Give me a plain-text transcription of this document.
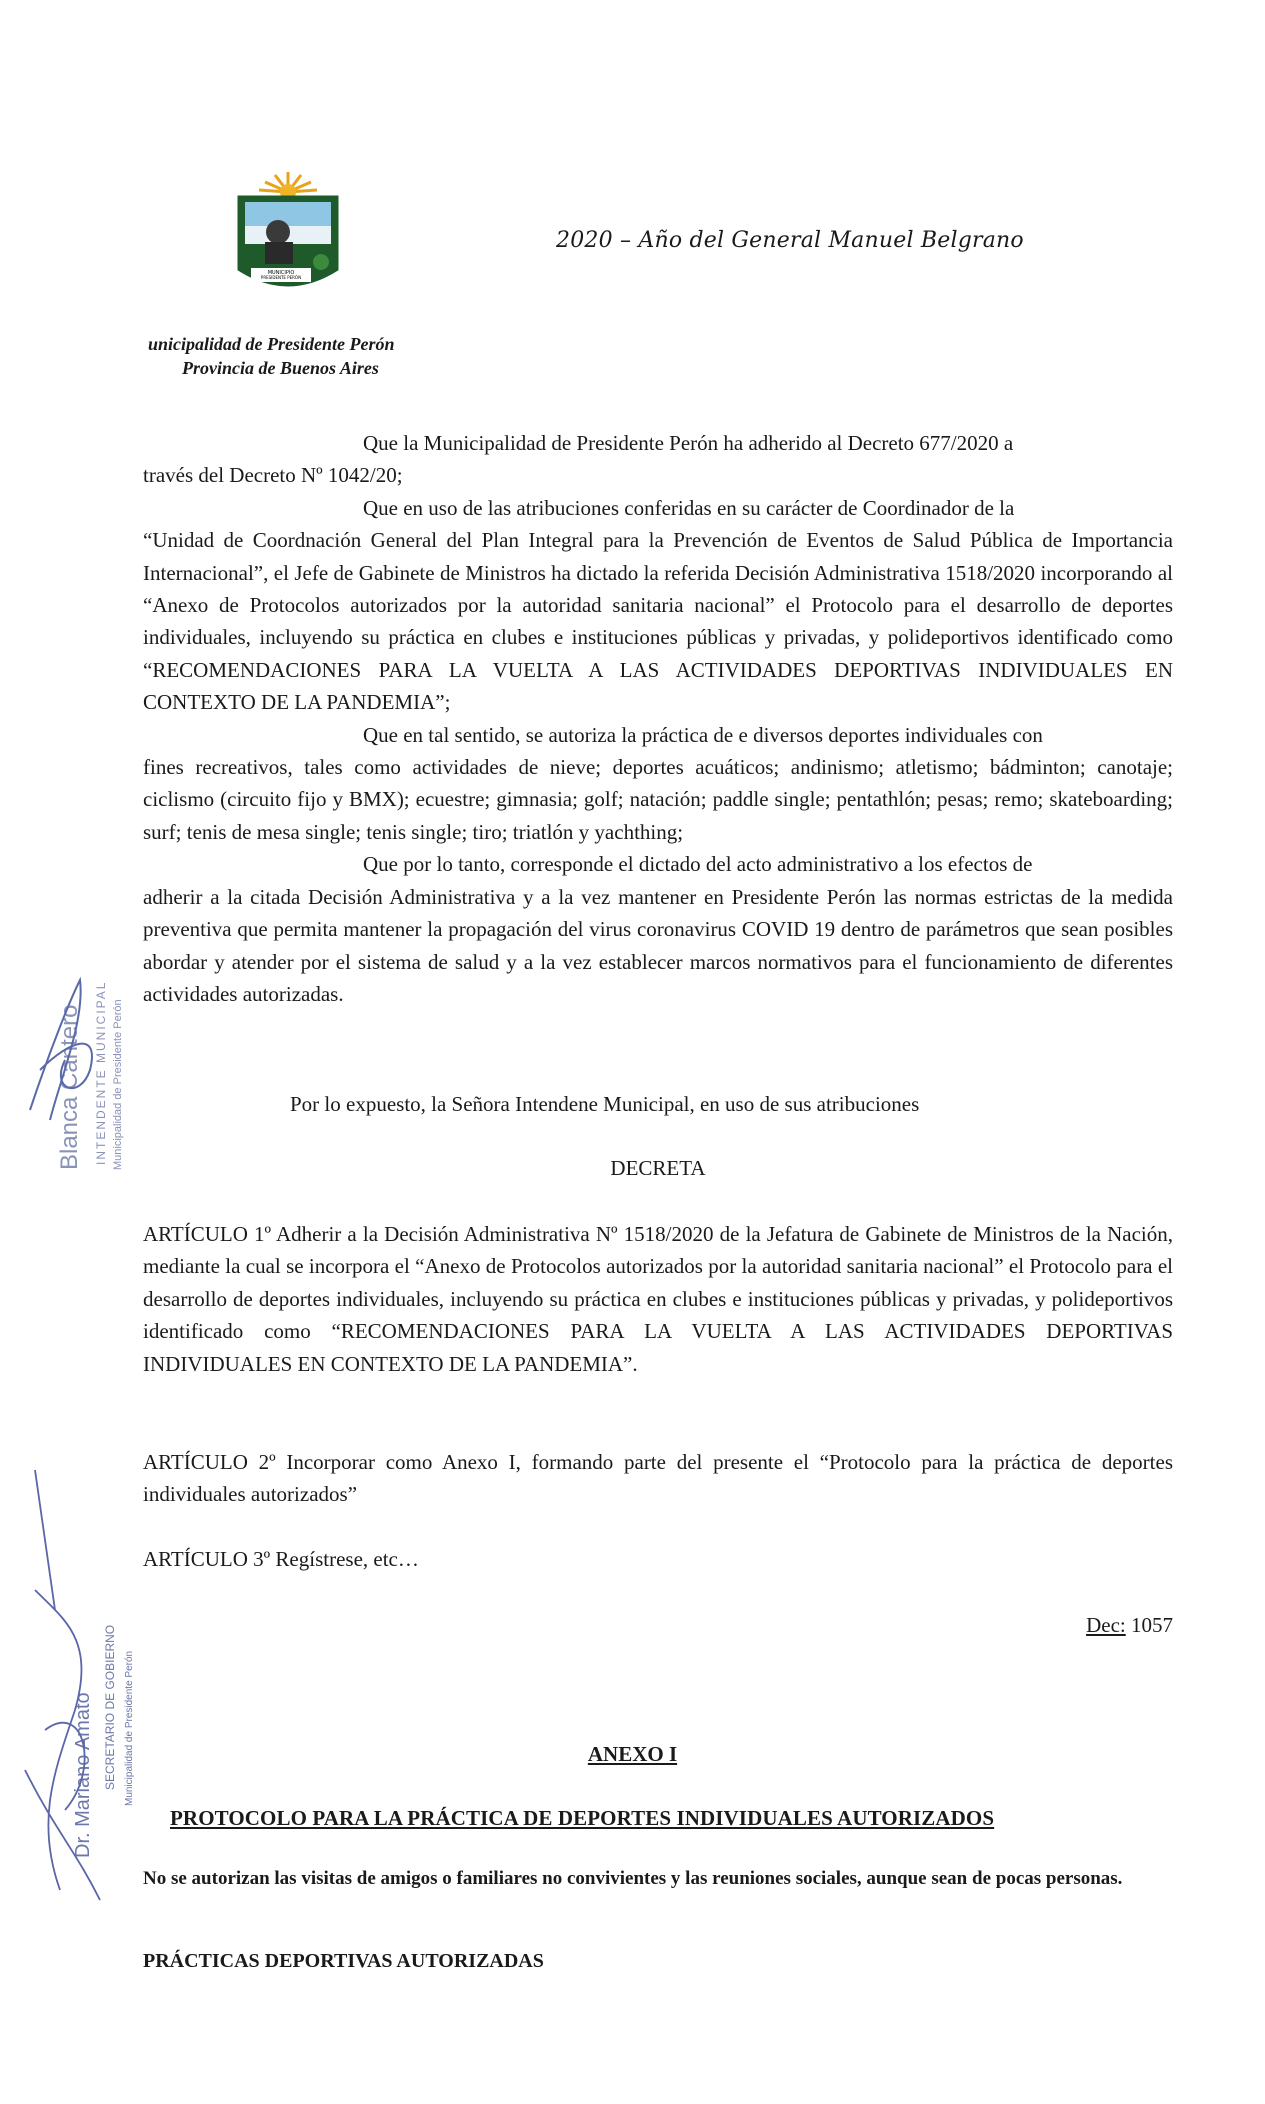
MUNICIPIO
PRESIDENTE PERÓN
2020 – Año del General Manuel Belgrano
unicipalidad de Presidente Perón
Provincia de Buenos Aires

Que la Municipalidad de Presidente Perón ha adherido al Decreto 677/2020 a
través del Decreto Nº 1042/20;

Que en uso de las atribuciones conferidas en su carácter de Coordinador de la
“Unidad de Coordnación General del Plan Integral para la Prevención de Eventos de Salud Pública de Importancia Internacional”, el Jefe de Gabinete de Ministros ha dictado la referida Decisión Administrativa 1518/2020 incorporando al “Anexo de Protocolos autorizados por la autoridad sanitaria nacional” el Protocolo para el desarrollo de deportes individuales, incluyendo su práctica en clubes e instituciones públicas y privadas, y polideportivos identificado como “RECOMENDACIONES PARA LA VUELTA A LAS ACTIVIDADES DEPORTIVAS INDIVIDUALES EN CONTEXTO DE LA PANDEMIA”;

Que en tal sentido, se autoriza la práctica de e diversos deportes individuales con
fines recreativos, tales como actividades de nieve; deportes acuáticos; andinismo; atletismo; bádminton; canotaje; ciclismo (circuito fijo y BMX); ecuestre; gimnasia; golf; natación; paddle single; pentathlón; pesas; remo; skateboarding; surf; tenis de mesa single; tenis single; tiro; triatlón y yachthing;

Que por lo tanto, corresponde el dictado del acto administrativo a los efectos de
adherir a la citada Decisión Administrativa y a la vez mantener en Presidente Perón las normas estrictas de la medida preventiva que permita mantener la propagación del virus coronavirus COVID 19 dentro de parámetros que sean posibles abordar y atender por el sistema de salud y a la vez establecer marcos normativos para el funcionamiento de diferentes actividades autorizadas.

Por lo expuesto, la Señora Intendene Municipal, en uso de sus atribuciones
DECRETA
ARTÍCULO 1º Adherir a la Decisión Administrativa Nº 1518/2020 de la Jefatura de Gabinete de Ministros de la Nación, mediante la cual se incorpora el “Anexo de Protocolos autorizados por la autoridad sanitaria nacional” el Protocolo para el desarrollo de deportes individuales, incluyendo su práctica en clubes e instituciones públicas y privadas, y polideportivos identificado como “RECOMENDACIONES PARA LA VUELTA A LAS ACTIVIDADES DEPORTIVAS INDIVIDUALES EN CONTEXTO DE LA PANDEMIA”.
ARTÍCULO 2º Incorporar como Anexo I, formando parte del presente el “Protocolo para la práctica de deportes individuales autorizados”
ARTÍCULO 3º Regístrese, etc…
Dec: 1057
ANEXO I
PROTOCOLO PARA LA PRÁCTICA DE DEPORTES INDIVIDUALES AUTORIZADOS
No se autorizan las visitas de amigos o familiares no convivientes y las reuniones sociales, aunque sean de pocas personas.
PRÁCTICAS DEPORTIVAS AUTORIZADAS
Blanca Cantero INTENDENTE MUNICIPAL Municipalidad de Presidente Perón
Dr. Mariano Amato SECRETARIO DE GOBIERNO Municipalidad de Presidente Perón
